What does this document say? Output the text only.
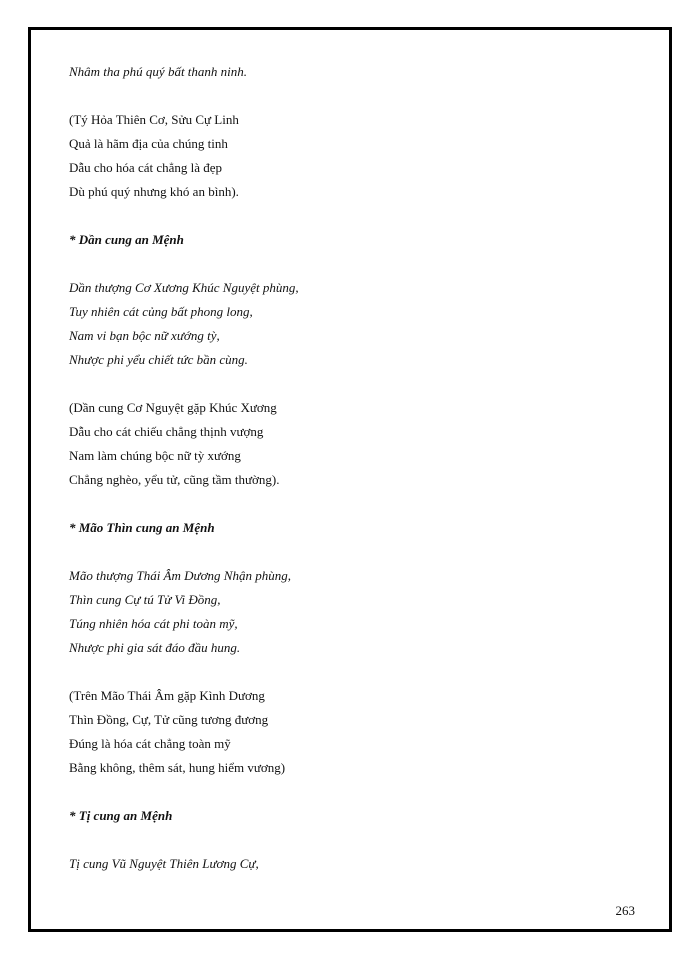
Nhâm tha phú quý bất thanh ninh.
(Tý Hỏa Thiên Cơ, Sửu Cự Linh
Quả là hãm địa của chúng tinh
Dẫu cho hóa cát chẳng là đẹp
Dù phú quý nhưng khó an bình).
* Dần cung an Mệnh
Dần thượng Cơ Xương Khúc Nguyệt phùng,
Tuy nhiên cát củng bất phong long,
Nam vi bạn bộc nữ xướng tỳ,
Nhược phi yểu chiết tức bần cùng.
(Dần cung Cơ Nguyệt gặp Khúc Xương
Dẫu cho cát chiếu chẳng thịnh vượng
Nam làm chúng bộc nữ tỳ xướng
Chẳng nghèo, yểu tử, cũng tầm thường).
* Mão Thìn cung an Mệnh
Mão thượng Thái Âm Dương Nhận phùng,
Thìn cung Cự tú Tử Vi Đồng,
Túng nhiên hóa cát phi toàn mỹ,
Nhược phi gia sát đáo đầu hung.
(Trên Mão Thái Âm gặp Kình Dương
Thìn Đồng, Cự, Tử cũng tương đương
Đúng là hóa cát chẳng toàn mỹ
Bằng không, thêm sát, hung hiểm vương)
* Tị cung an Mệnh
Tị cung Vũ Nguyệt Thiên Lương Cự,
263
